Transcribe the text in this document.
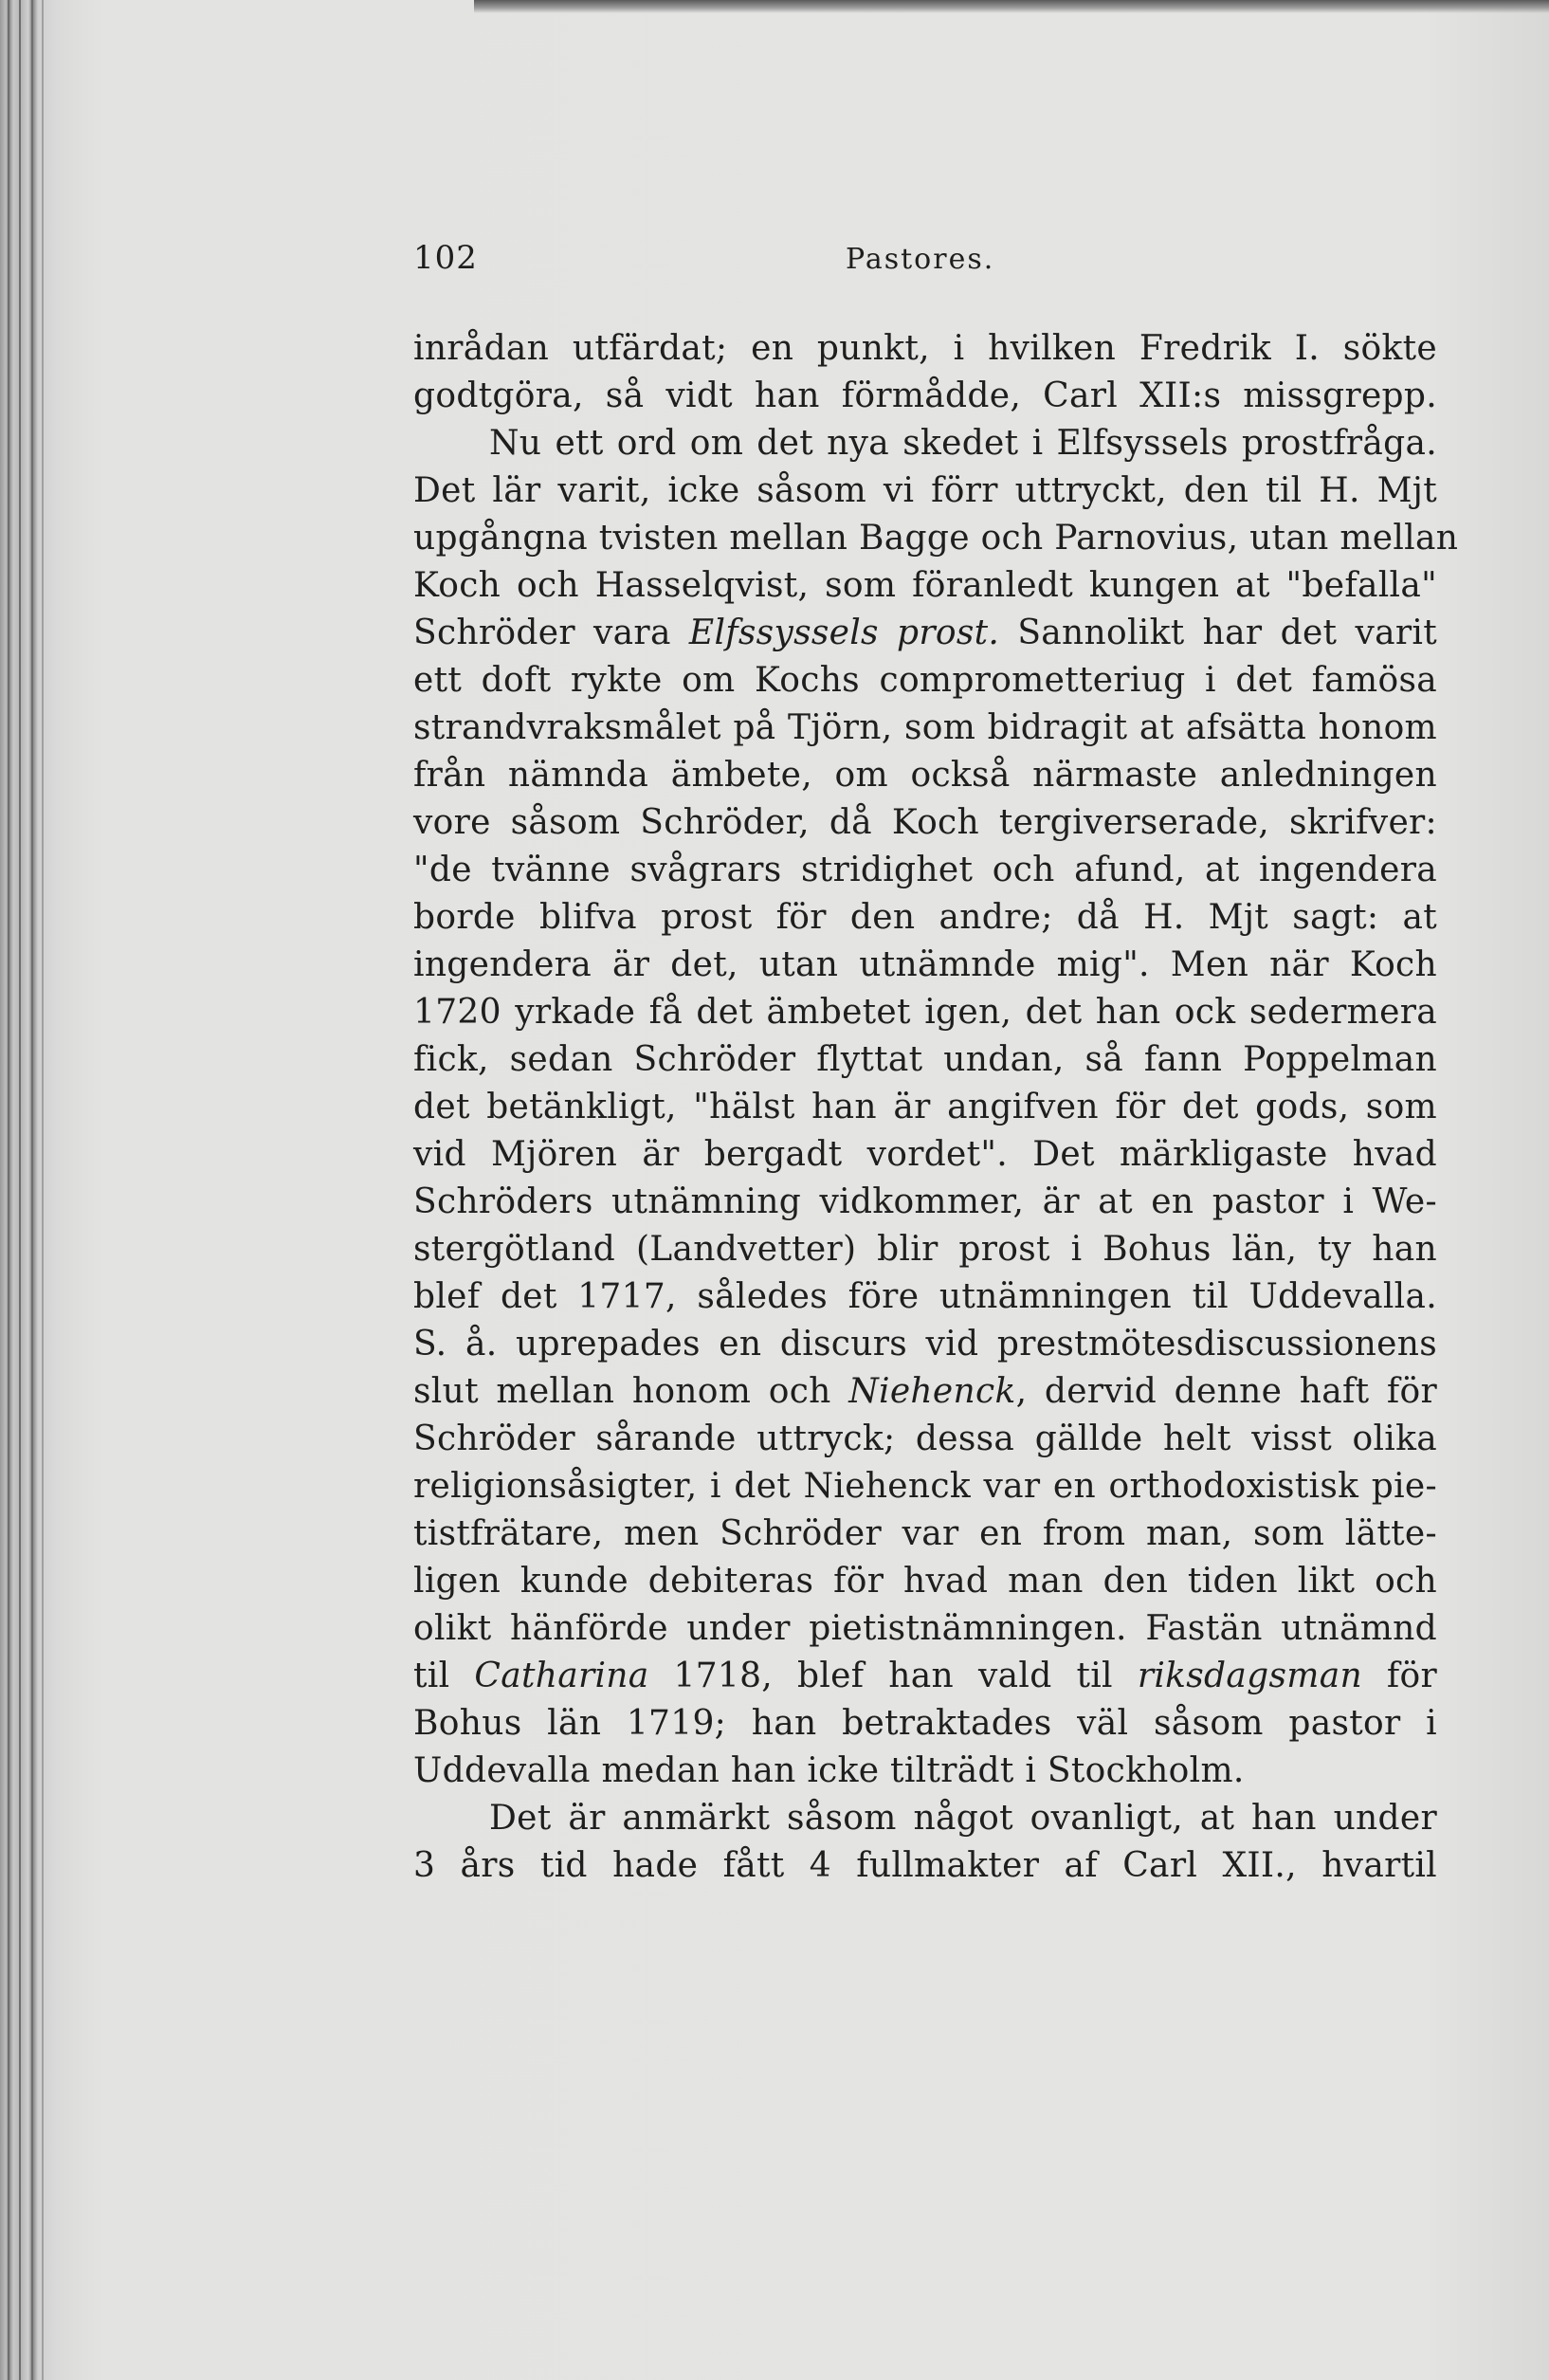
102	Pastores.
inrådan utfärdat; en punkt, i hvilken Fredrik I. sökte
godtgöra, så vidt han förmådde, Carl XII:s missgrepp.
Nu ett ord om det nya skedet i Elfsyssels prostfråga.
Det lär varit, icke såsom vi förr uttryckt, den til H. Mjt
upgångna tvisten mellan Bagge och Parnovius, utan mellan
Koch och Hasselqvist, som föranledt kungen at "befalla"
Schröder vara Elfssyssels prost. Sannolikt har det varit
ett doft rykte om Kochs comprometteriug i det famösa
strandvraksmålet på Tjörn, som bidragit at afsätta honom
från nämnda ämbete, om också närmaste anledningen
vore såsom Schröder, då Koch tergiverserade, skrifver:
"de tvänne svågrars stridighet och afund, at ingendera
borde blifva prost för den andre; då H. Mjt sagt: at
ingendera är det, utan utnämnde mig". Men när Koch
1720 yrkade få det ämbetet igen, det han ock sedermera
fick, sedan Schröder flyttat undan, så fann Poppelman
det betänkligt, "hälst han är angifven för det gods, som
vid Mjören är bergadt vordet". Det märkligaste hvad
Schröders utnämning vidkommer, är at en pastor i We-
stergötland (Landvetter) blir prost i Bohus län, ty han
blef det 1717, således före utnämningen til Uddevalla.
S. å. uprepades en discurs vid prestmötesdiscussionens
slut mellan honom och Niehenck, dervid denne haft för
Schröder sårande uttryck; dessa gällde helt visst olika
religionsåsigter, i det Niehenck var en orthodoxistisk pie-
tistfrätare, men Schröder var en from man, som lätte-
ligen kunde debiteras för hvad man den tiden likt och
olikt hänförde under pietistnämningen. Fastän utnämnd
til Catharina 1718, blef han vald til riksdagsman för
Bohus län 1719; han betraktades väl såsom pastor i
Uddevalla medan han icke tilträdt i Stockholm.
Det är anmärkt såsom något ovanligt, at han under
3 års tid hade fått 4 fullmakter af Carl XII., hvartil
